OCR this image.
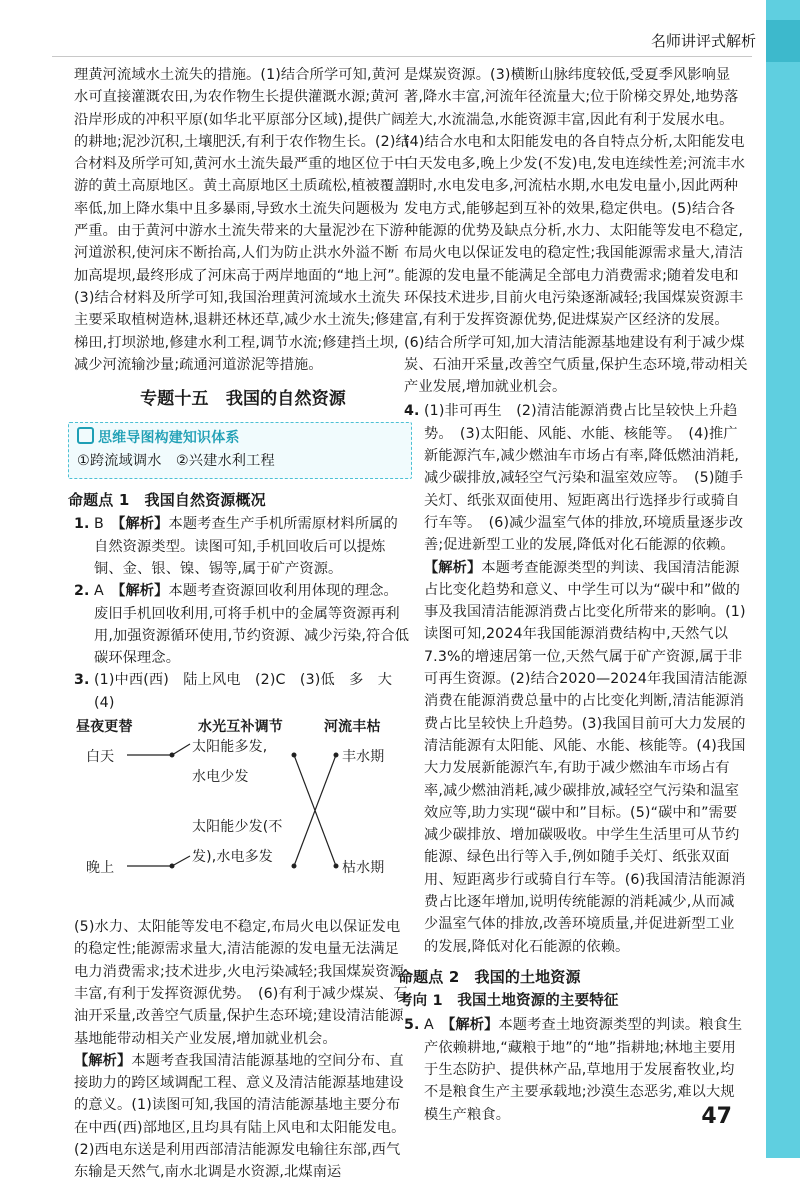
名师讲评式解析

理黄河流域水土流失的措施。(1)结合所学可知,黄河水可直接灌溉农田,为农作物生长提供灌溉水源;黄河沿岸形成的冲积平原(如华北平原部分区域),提供广阔的耕地;泥沙沉积,土壤肥沃,有利于农作物生长。(2)结合材料及所学可知,黄河水土流失最严重的地区位于中游的黄土高原地区。黄土高原地区土质疏松,植被覆盖率低,加上降水集中且多暴雨,导致水土流失问题极为严重。由于黄河中游水土流失带来的大量泥沙在下游河道淤积,使河床不断抬高,人们为防止洪水外溢不断加高堤坝,最终形成了河床高于两岸地面的“地上河”。(3)结合材料及所学可知,我国治理黄河流域水土流失主要采取植树造林,退耕还林还草,减少水土流失;修建梯田,打坝淤地,修建水利工程,调节水流;修建挡土坝,减少河流输沙量;疏通河道淤泥等措施。

专题十五　我国的自然资源
思维导图构建知识体系
①跨流域调水　②兴建水利工程
命题点 1　我国自然资源概况

1. B　 【解析】本题考查生产手机所需原材料所属的自然资源类型。读图可知,手机回收后可以提炼铜、金、银、镍、锡等,属于矿产资源。

2. A　 【解析】本题考查资源回收利用体现的理念。废旧手机回收利用,可将手机中的金属等资源再利用,加强资源循环使用,节约资源、减少污染,符合低碳环保理念。

3. (1)中西(西)　陆上风电　(2)C　(3)低　多　大
(4)

昼夜更替	水光互补调节	河流丰枯
白天
晚上
太阳能多发,
水电少发
太阳能少发(不
发),水电多发
丰水期
枯水期

(5)水力、太阳能等发电不稳定,布局火电以保证发电的稳定性;能源需求量大,清洁能源的发电量无法满足电力消费需求;技术进步,火电污染减轻;我国煤炭资源丰富,有利于发挥资源优势。　(6)有利于减少煤炭、石油开采量,改善空气质量,保护生态环境;建设清洁能源基地能带动相关产业发展,增加就业机会。

【解析】本题考查我国清洁能源基地的空间分布、直接助力的跨区域调配工程、意义及清洁能源基地建设的意义。(1)读图可知,我国的清洁能源基地主要分布在中西(西)部地区,且均具有陆上风电和太阳能发电。(2)西电东送是利用西部清洁能源发电输往东部,西气东输是天然气,南水北调是水资源,北煤南运

是煤炭资源。(3)横断山脉纬度较低,受夏季风影响显著,降水丰富,河流年径流量大;位于阶梯交界处,地势落差大,水流湍急,水能资源丰富,因此有利于发展水电。(4)结合水电和太阳能发电的各自特点分析,太阳能发电白天发电多,晚上少发(不发)电,发电连续性差;河流丰水期时,水电发电多,河流枯水期,水电发电量小,因此两种发电方式,能够起到互补的效果,稳定供电。(5)结合各种能源的优势及缺点分析,水力、太阳能等发电不稳定,布局火电以保证发电的稳定性;我国能源需求量大,清洁能源的发电量不能满足全部电力消费需求;随着发电和环保技术进步,目前火电污染逐渐减轻;我国煤炭资源丰富,有利于发挥资源优势,促进煤炭产区经济的发展。(6)结合所学可知,加大清洁能源基地建设有利于减少煤炭、石油开采量,改善空气质量,保护生态环境,带动相关产业发展,增加就业机会。

4. (1)非可再生　(2)清洁能源消费占比呈较快上升趋势。　(3)太阳能、风能、水能、核能等。　(4)推广新能源汽车,减少燃油车市场占有率,降低燃油消耗,减少碳排放,减轻空气污染和温室效应等。　(5)随手关灯、纸张双面使用、短距离出行选择步行或骑自行车等。　(6)减少温室气体的排放,环境质量逐步改善;促进新型工业的发展,降低对化石能源的依赖。

【解析】本题考查能源类型的判读、我国清洁能源占比变化趋势和意义、中学生可以为“碳中和”做的事及我国清洁能源消费占比变化所带来的影响。(1)读图可知,2024年我国能源消费结构中,天然气以7.3%的增速居第一位,天然气属于矿产资源,属于非可再生资源。(2)结合2020—2024年我国清洁能源消费在能源消费总量中的占比变化判断,清洁能源消费占比呈较快上升趋势。(3)我国目前可大力发展的清洁能源有太阳能、风能、水能、核能等。(4)我国大力发展新能源汽车,有助于减少燃油车市场占有率,减少燃油消耗,减少碳排放,减轻空气污染和温室效应等,助力实现“碳中和”目标。(5)“碳中和”需要减少碳排放、增加碳吸收。中学生生活里可从节约能源、绿色出行等入手,例如随手关灯、纸张双面用、短距离步行或骑自行车等。(6)我国清洁能源消费占比逐年增加,说明传统能源的消耗减少,从而减少温室气体的排放,改善环境质量,并促进新型工业的发展,降低对化石能源的依赖。

命题点 2　我国的土地资源
考向 1　我国土地资源的主要特征

5. A　 【解析】本题考查土地资源类型的判读。粮食生产依赖耕地,“藏粮于地”的“地”指耕地;林地主要用于生态防护、提供林产品,草地用于发展畜牧业,均不是粮食生产主要承载地;沙漠生态恶劣,难以大规模生产粮食。	47
